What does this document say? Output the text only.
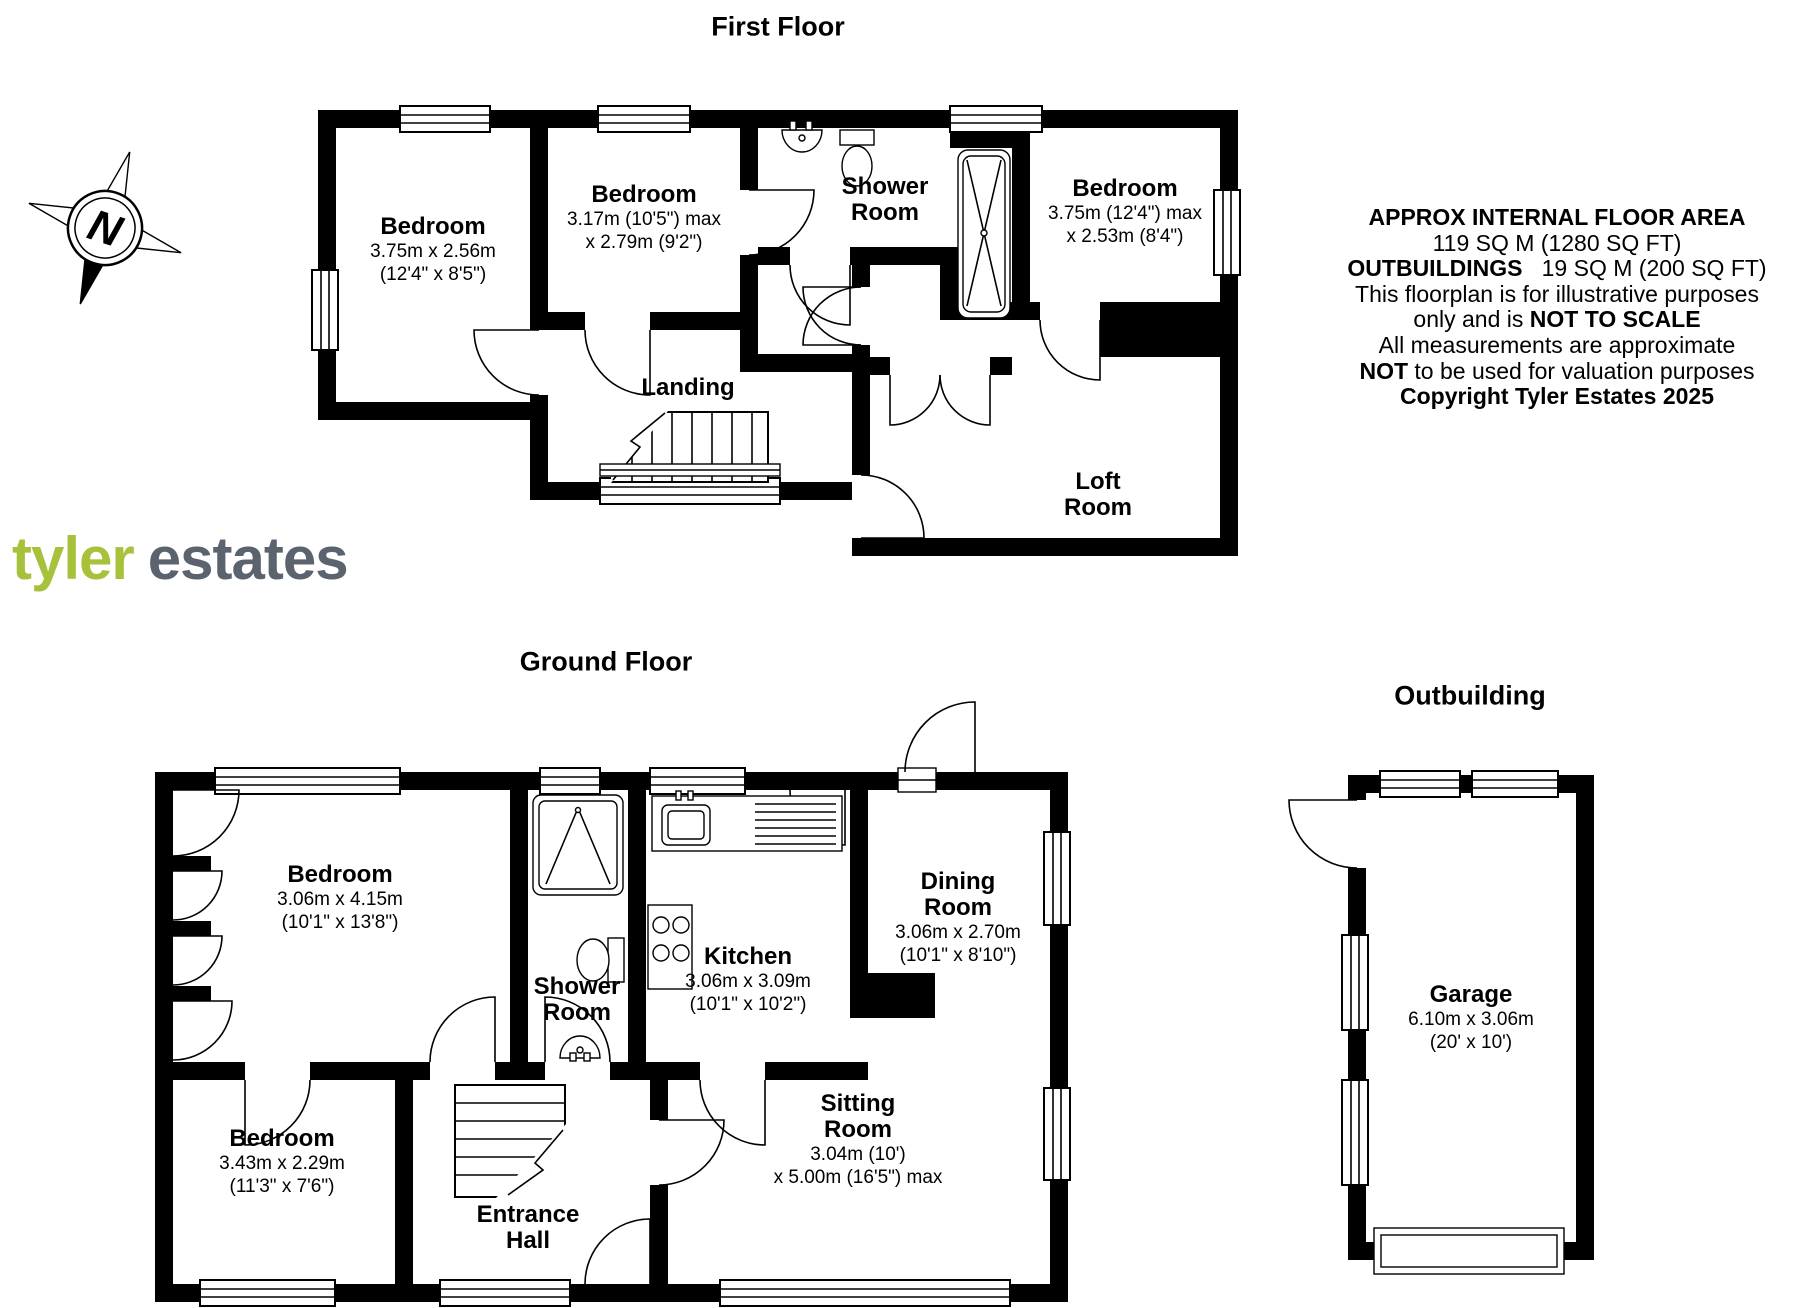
N
First Floor
Ground Floor
Outbuilding
Bedroom
3.75m x 2.56m
(12'4" x 8'5")
Bedroom
3.17m (10'5") max
x 2.79m (9'2")
Shower Room
Bedroom
3.75m (12'4") max
x 2.53m (8'4")
Landing
Loft Room
Bedroom
3.06m x 4.15m
(10'1" x 13'8")
Shower Room
Kitchen
3.06m x 3.09m
(10'1" x 10'2")
Dining Room
3.06m x 2.70m
(10'1" x 8'10")
Bedroom
3.43m x 2.29m
(11'3" x 7'6")
Entrance Hall
Sitting Room
3.04m (10')
x 5.00m (16'5") max
Garage
6.10m x 3.06m
(20' x 10')
APPROX INTERNAL FLOOR AREA
119 SQ M (1280 SQ FT)
OUTBUILDINGS   19 SQ M (200 SQ FT)
This floorplan is for illustrative purposes
only and is NOT TO SCALE
All measurements are approximate
NOT to be used for valuation purposes
Copyright Tyler Estates 2025
tyler estates
